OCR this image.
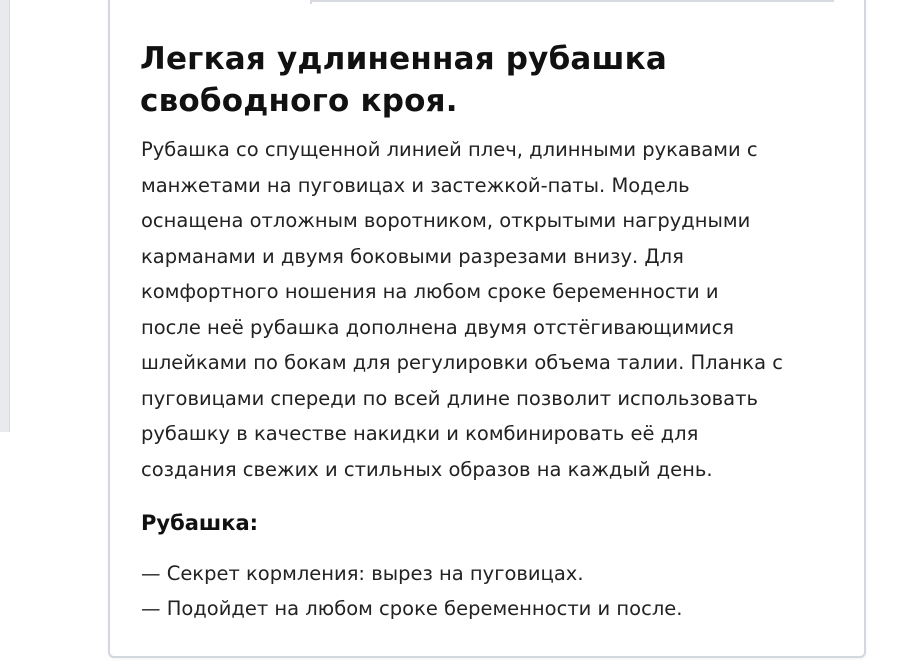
Легкая удлиненная рубашка
свободного кроя.

Рубашка со спущенной линией плеч, длинными рукавами с
манжетами на пуговицах и застежкой-паты. Модель
оснащена отложным воротником, открытыми нагрудными
карманами и двумя боковыми разрезами внизу. Для
комфортного ношения на любом сроке беременности и
после неё рубашка дополнена двумя отстёгивающимися
шлейками по бокам для регулировки объема талии. Планка с
пуговицами спереди по всей длине позволит использовать
рубашку в качестве накидки и комбинировать её для
создания свежих и стильных образов на каждый день.

Рубашка:
— Секрет кормления: вырез на пуговицах.
— Подойдет на любом сроке беременности и после.
